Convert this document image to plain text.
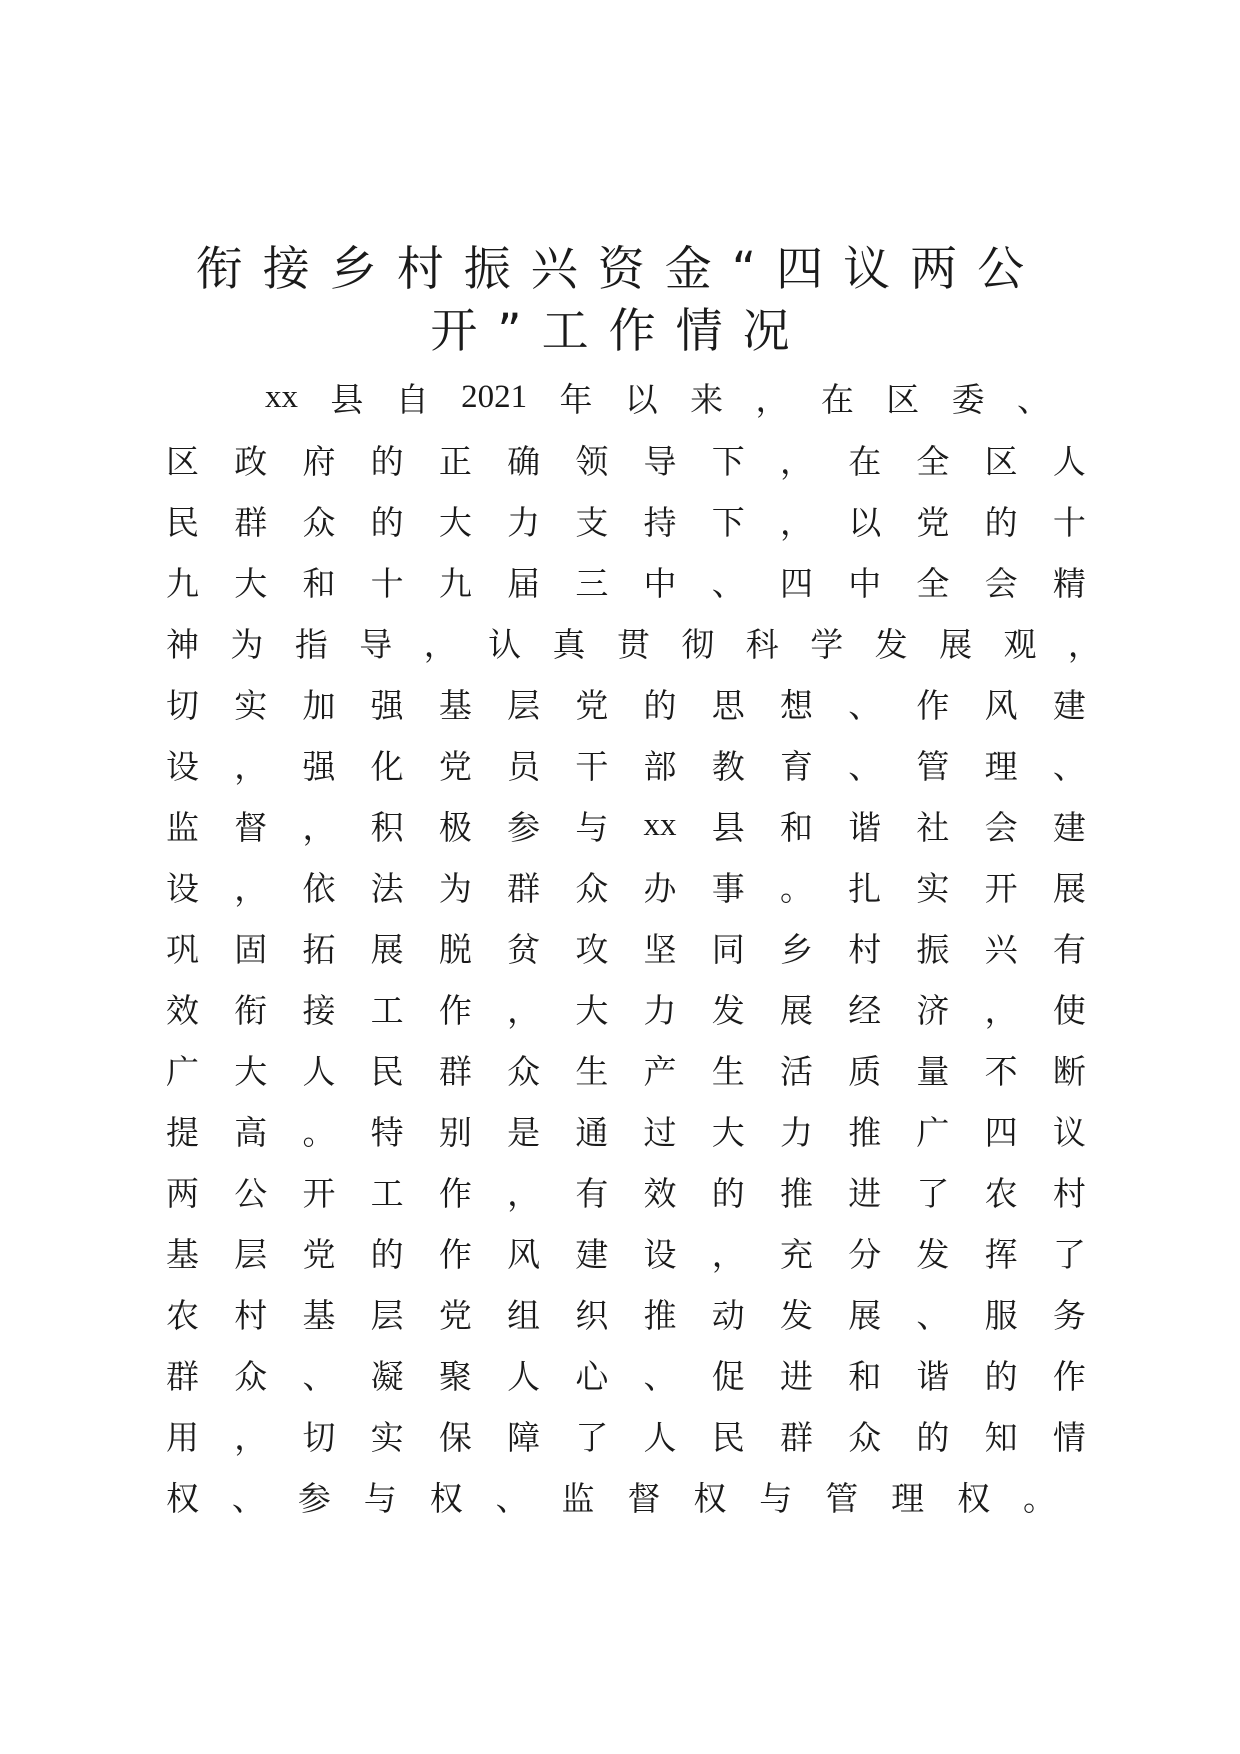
衔接乡村振兴资金“四议两公
开”工作情况
xx 县 自 2021 年 以 来 ， 在 区 委 、
区 政 府 的 正 确 领 导 下 ， 在 全 区 人
民 群 众 的 大 力 支 持 下 ， 以 党 的 十
九 大 和 十 九 届 三 中 、 四 中 全 会 精
神 为 指 导 ， 认 真 贯 彻 科 学 发 展 观 ，
切 实 加 强 基 层 党 的 思 想 、 作 风 建
设 ， 强 化 党 员 干 部 教 育 、 管 理 、
监 督 ， 积 极 参 与 xx 县 和 谐 社 会 建
设 ， 依 法 为 群 众 办 事 。 扎 实 开 展
巩 固 拓 展 脱 贫 攻 坚 同 乡 村 振 兴 有
效 衔 接 工 作 ， 大 力 发 展 经 济 ， 使
广 大 人 民 群 众 生 产 生 活 质 量 不 断
提 高 。 特 别 是 通 过 大 力 推 广 四 议
两 公 开 工 作 ， 有 效 的 推 进 了 农 村
基 层 党 的 作 风 建 设 ， 充 分 发 挥 了
农 村 基 层 党 组 织 推 动 发 展 、 服 务
群 众 、 凝 聚 人 心 、 促 进 和 谐 的 作
用 ， 切 实 保 障 了 人 民 群 众 的 知 情
权 、 参 与 权 、 监 督 权 与 管 理 权 。
